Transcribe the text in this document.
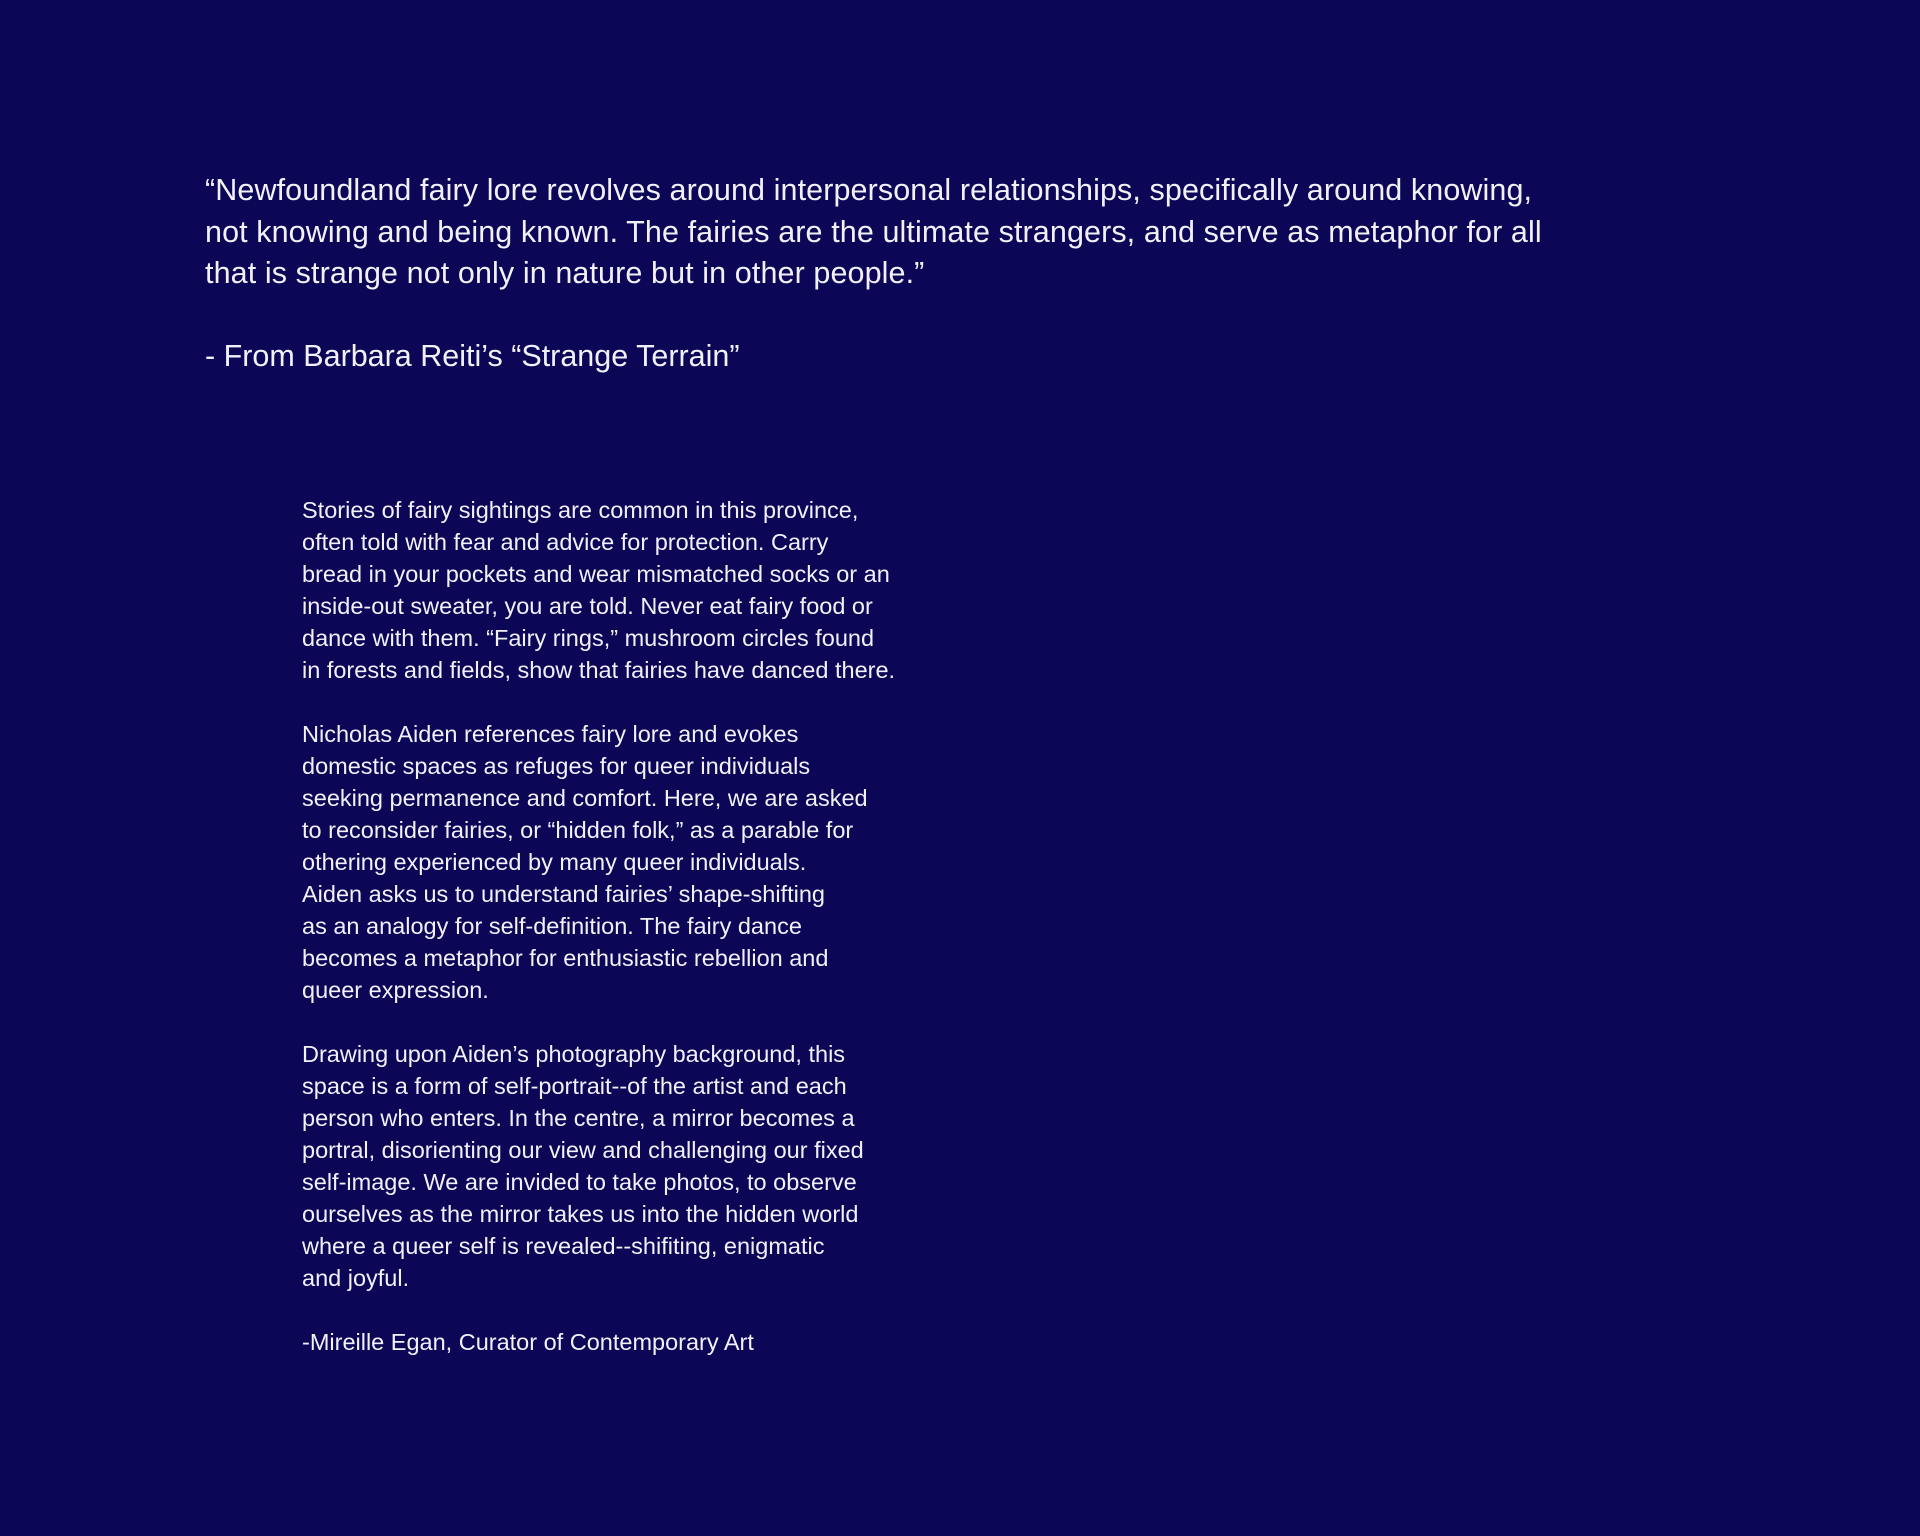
“Newfoundland fairy lore revolves around interpersonal relationships, specifically around knowing,
not knowing and being known. The fairies are the ultimate strangers, and serve as metaphor for all
that is strange not only in nature but in other people.”

- From Barbara Reiti’s “Strange Terrain”

Stories of fairy sightings are common in this province,
often told with fear and advice for protection. Carry
bread in your pockets and wear mismatched socks or an
inside-out sweater, you are told. Never eat fairy food or
dance with them. “Fairy rings,” mushroom circles found
in forests and fields, show that fairies have danced there.

Nicholas Aiden references fairy lore and evokes
domestic spaces as refuges for queer individuals
seeking permanence and comfort. Here, we are asked
to reconsider fairies, or “hidden folk,” as a parable for
othering experienced by many queer individuals.
Aiden asks us to understand fairies’ shape-shifting
as an analogy for self-definition. The fairy dance
becomes a metaphor for enthusiastic rebellion and
queer expression.

Drawing upon Aiden’s photography background, this
space is a form of self-portrait--of the artist and each
person who enters. In the centre, a mirror becomes a
portral, disorienting our view and challenging our fixed
self-image. We are invided to take photos, to observe
ourselves as the mirror takes us into the hidden world
where a queer self is revealed--shifiting, enigmatic
and joyful.

-Mireille Egan, Curator of Contemporary Art
